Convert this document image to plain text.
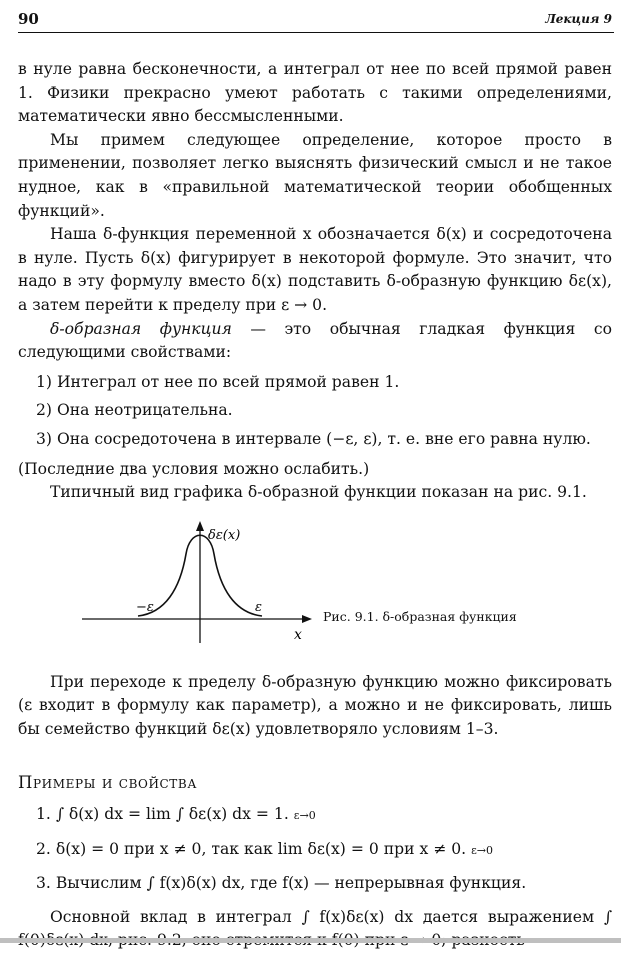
90	Лекция 9

в нуле равна бесконечности, а интеграл от нее по всей прямой равен 1. Физики прекрасно умеют работать с такими определениями, математически явно бессмысленными.

Мы примем следующее определение, которое просто в применении, позволяет легко выяснять физический смысл и не такое нудное, как в «правильной математической теории обобщенных функций».

Наша δ-функция переменной x обозначается δ(x) и сосредоточена в нуле. Пусть δ(x) фигурирует в некоторой формуле. Это значит, что надо в эту формулу вместо δ(x) подставить δ-образную функцию δε(x), а затем перейти к пределу при ε → 0.

δ-образная функция — это обычная гладкая функция со следующими свойствами:

1) Интеграл от нее по всей прямой равен 1.
2) Она неотрицательна.
3) Она сосредоточена в интервале (−ε, ε), т. е. вне его равна нулю.

(Последние два условия можно ослабить.)

Типичный вид графика δ-образной функции показан на рис. 9.1.

δε(x)
−ε	ε
x
Рис. 9.1. δ-образная функция

При переходе к пределу δ-образную функцию можно фиксировать (ε входит в формулу как параметр), а можно и не фиксировать, лишь бы семейство функций δε(x) удовлетворяло условиям 1–3.

Примеры и свойства

1. ∫ δ(x) dx = lim ∫ δε(x) dx = 1. ε→0

2. δ(x) = 0 при x ≠ 0, так как lim δε(x) = 0 при x ≠ 0. ε→0

3. Вычислим ∫ f(x)δ(x) dx, где f(x) — непрерывная функция.

Основной вклад в интеграл ∫ f(x)δε(x) dx дается выражением ∫
